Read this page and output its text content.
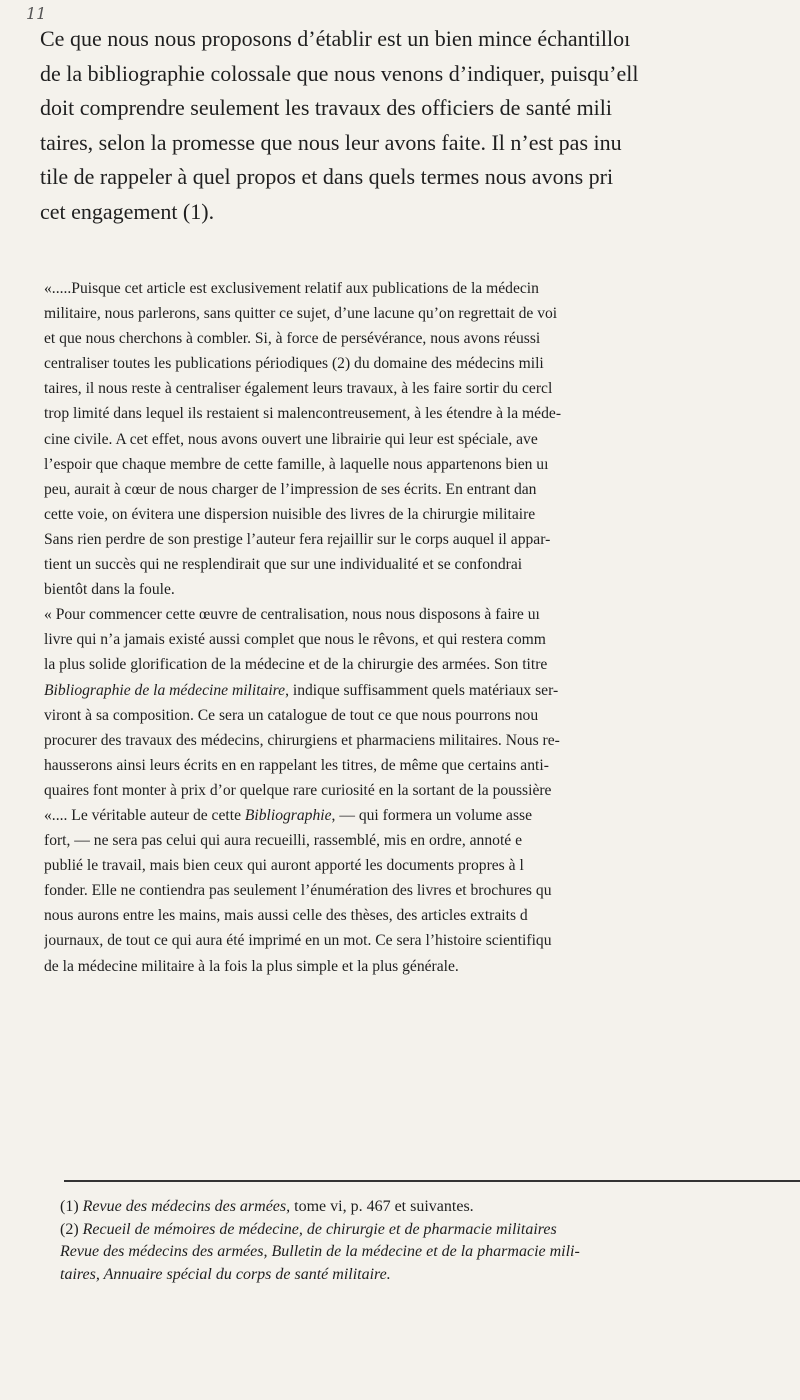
11
Ce que nous nous proposons d’établir est un bien mince échantilloı
de la bibliographie colossale que nous venons d’indiquer, puisqu’ell
doit comprendre seulement les travaux des officiers de santé mili
taires, selon la promesse que nous leur avons faite. Il n’est pas inu
tile de rappeler à quel propos et dans quels termes nous avons pri
cet engagement (1).
«.....Puisque cet article est exclusivement relatif aux publications de la médecin
militaire, nous parlerons, sans quitter ce sujet, d’une lacune qu’on regrettait de voi
et que nous cherchons à combler. Si, à force de persévérance, nous avons réussi
centraliser toutes les publications périodiques (2) du domaine des médecins mili
taires, il nous reste à centraliser également leurs travaux, à les faire sortir du cercl
trop limité dans lequel ils restaient si malencontreusement, à les étendre à la méde-
cine civile. A cet effet, nous avons ouvert une librairie qui leur est spéciale, ave
l’espoir que chaque membre de cette famille, à laquelle nous appartenons bien uı
peu, aurait à cœur de nous charger de l’impression de ses écrits. En entrant dan
cette voie, on évitera une dispersion nuisible des livres de la chirurgie militaire
Sans rien perdre de son prestige l’auteur fera rejaillir sur le corps auquel il appar-
tient un succès qui ne resplendirait que sur une individualité et se confondrai
bientôt dans la foule.
« Pour commencer cette œuvre de centralisation, nous nous disposons à faire uı
livre qui n’a jamais existé aussi complet que nous le rêvons, et qui restera comm
la plus solide glorification de la médecine et de la chirurgie des armées. Son titre
Bibliographie de la médecine militaire, indique suffisamment quels matériaux ser-
viront à sa composition. Ce sera un catalogue de tout ce que nous pourrons nou
procurer des travaux des médecins, chirurgiens et pharmaciens militaires. Nous re-
hausserons ainsi leurs écrits en en rappelant les titres, de même que certains anti-
quaires font monter à prix d’or quelque rare curiosité en la sortant de la poussière
«.... Le véritable auteur de cette Bibliographie, — qui formera un volume asse
fort, — ne sera pas celui qui aura recueilli, rassemblé, mis en ordre, annoté e
publié le travail, mais bien ceux qui auront apporté les documents propres à l
fonder. Elle ne contiendra pas seulement l’énumération des livres et brochures qu
nous aurons entre les mains, mais aussi celle des thèses, des articles extraits d
journaux, de tout ce qui aura été imprimé en un mot. Ce sera l’histoire scientifiqu
de la médecine militaire à la fois la plus simple et la plus générale.
(1) Revue des médecins des armées, tome vi, p. 467 et suivantes.
(2) Recueil de mémoires de médecine, de chirurgie et de pharmacie militaires
Revue des médecins des armées, Bulletin de la médecine et de la pharmacie mili-
taires, Annuaire spécial du corps de santé militaire.
